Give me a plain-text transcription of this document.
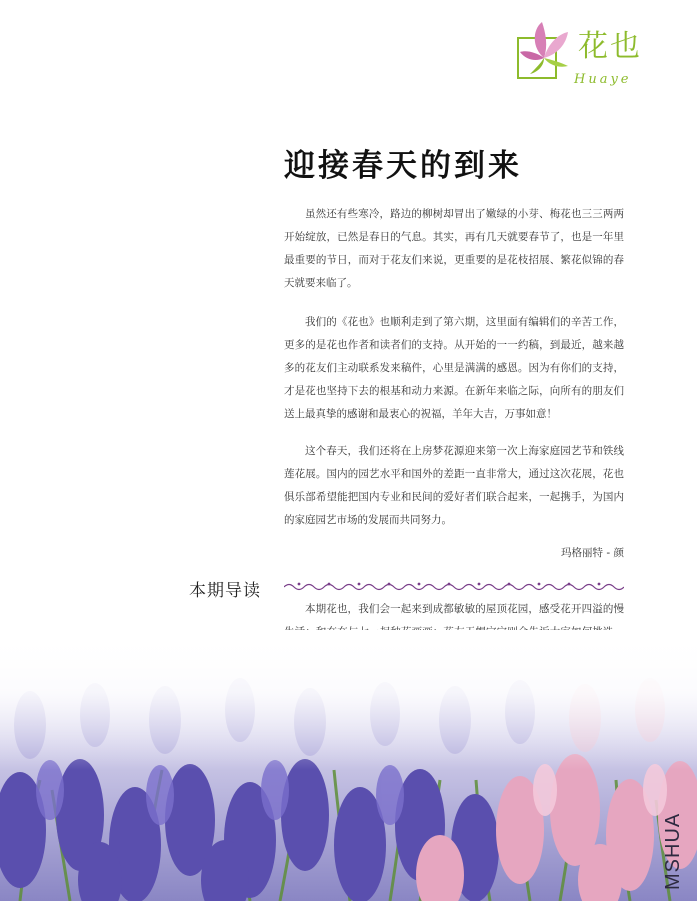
花也
Huaye
迎接春天的到来

虽然还有些寒冷，路边的柳树却冒出了嫩绿的小芽、梅花也三三两两开始绽放，已然是春日的气息。其实，再有几天就要春节了，也是一年里最重要的节日，而对于花友们来说，更重要的是花枝招展、繁花似锦的春天就要来临了。

我们的《花也》也顺利走到了第六期，这里面有编辑们的辛苦工作，更多的是花也作者和读者们的支持。从开始的一一约稿，到最近，越来越多的花友们主动联系发来稿件，心里是满满的感恩。因为有你们的支持，才是花也坚持下去的根基和动力来源。在新年来临之际，向所有的朋友们送上最真挚的感谢和最衷心的祝福，羊年大吉，万事如意！

这个春天，我们还将在上房梦花源迎来第一次上海家庭园艺节和铁线莲花展。国内的园艺水平和国外的差距一直非常大，通过这次花展，花也俱乐部希望能把国内专业和民间的爱好者们联合起来，一起携手，为国内的家庭园艺市场的发展而共同努力。

玛格丽特 - 颜
本期导读

本期花也，我们会一起来到成都敏敏的屋顶花园，感受花开四溢的慢

MSHUA
